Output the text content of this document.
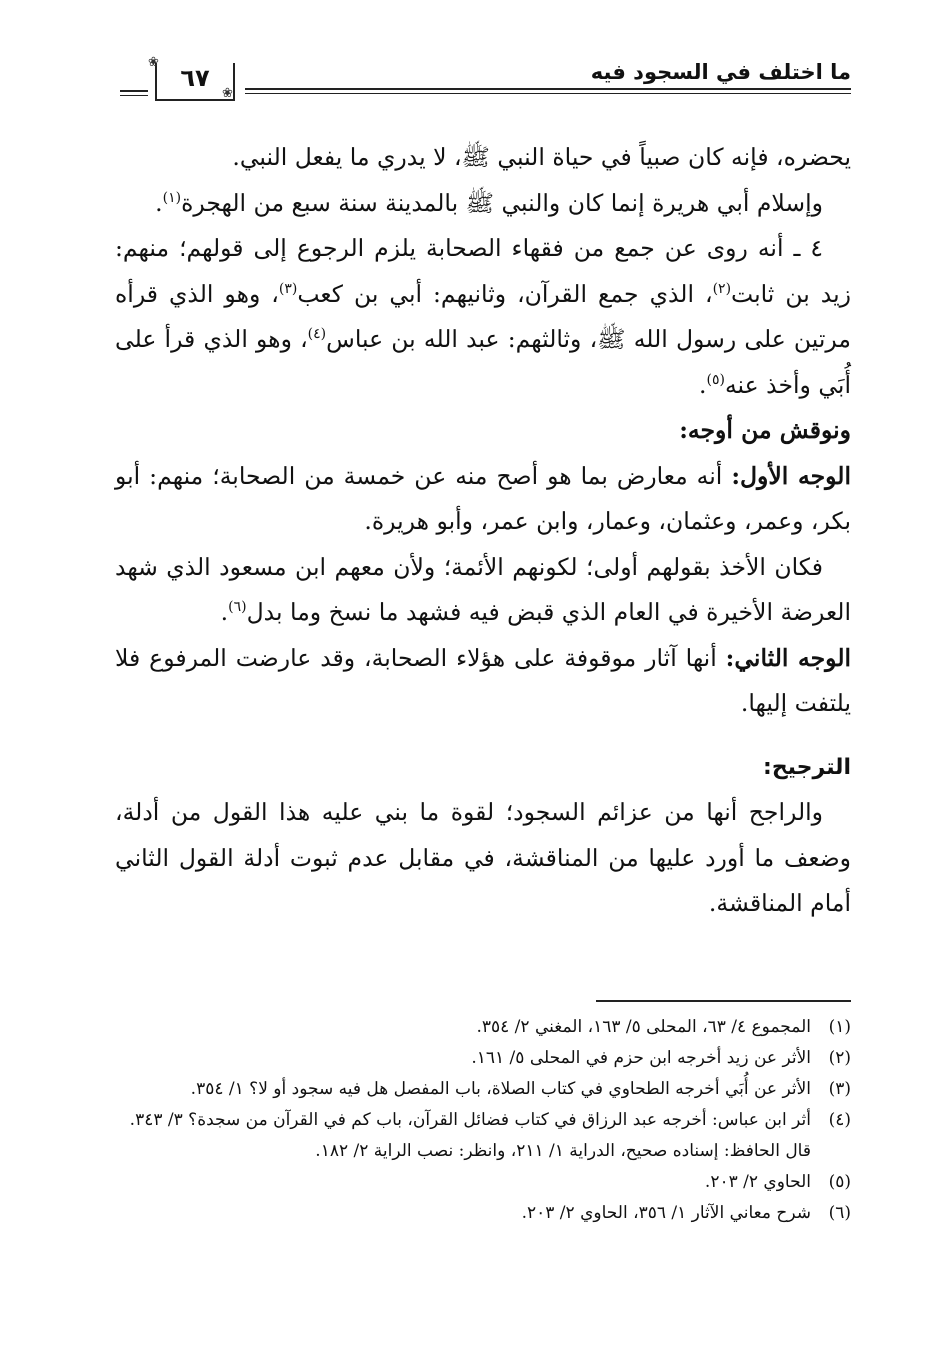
ما اختلف في السجود فيه
❀
❀
٦٧

يحضره، فإنه كان صبياً في حياة النبي ﷺ، لا يدري ما يفعل النبي.

وإسلام أبي هريرة إنما كان والنبي ﷺ بالمدينة سنة سبع من الهجرة$^{(١)}$.

٤ ـ أنه روى عن جمع من فقهاء الصحابة يلزم الرجوع إلى قولهم؛ منهم: زيد بن ثابت$^{(٢)}$، الذي جمع القرآن، وثانيهم: أبي بن كعب$^{(٣)}$، وهو الذي قرأه مرتين على رسول الله ﷺ، وثالثهم: عبد الله بن عباس$^{(٤)}$، وهو الذي قرأ على أُبَي وأخذ عنه$^{(٥)}$.

ونوقش من أوجه:

الوجه الأول: أنه معارض بما هو أصح منه عن خمسة من الصحابة؛ منهم: أبو بكر، وعمر، وعثمان، وعمار، وابن عمر، وأبو هريرة.

فكان الأخذ بقولهم أولى؛ لكونهم الأئمة؛ ولأن معهم ابن مسعود الذي شهد العرضة الأخيرة في العام الذي قبض فيه فشهد ما نسخ وما بدل$^{(٦)}$.

الوجه الثاني: أنها آثار موقوفة على هؤلاء الصحابة، وقد عارضت المرفوع فلا يلتفت إليها.

الترجيح:

والراجح أنها من عزائم السجود؛ لقوة ما بني عليه هذا القول من أدلة، وضعف ما أورد عليها من المناقشة، في مقابل عدم ثبوت أدلة القول الثاني أمام المناقشة.

(١)
المجموع ٤/ ٦٣، المحلى ٥/ ١٦٣، المغني ٢/ ٣٥٤.
(٢)
الأثر عن زيد أخرجه ابن حزم في المحلى ٥/ ١٦١.
(٣)
الأثر عن أُبَي أخرجه الطحاوي في كتاب الصلاة، باب المفصل هل فيه سجود أو لا؟ ١/ ٣٥٤.
(٤)
أثر ابن عباس: أخرجه عبد الرزاق في كتاب فضائل القرآن، باب كم في القرآن من سجدة؟ ٣/ ٣٤٣. قال الحافظ: إسناده صحيح، الدراية ١/ ٢١١، وانظر: نصب الراية ٢/ ١٨٢.
(٥)
الحاوي ٢/ ٢٠٣.
(٦)
شرح معاني الآثار ١/ ٣٥٦، الحاوي ٢/ ٢٠٣.
